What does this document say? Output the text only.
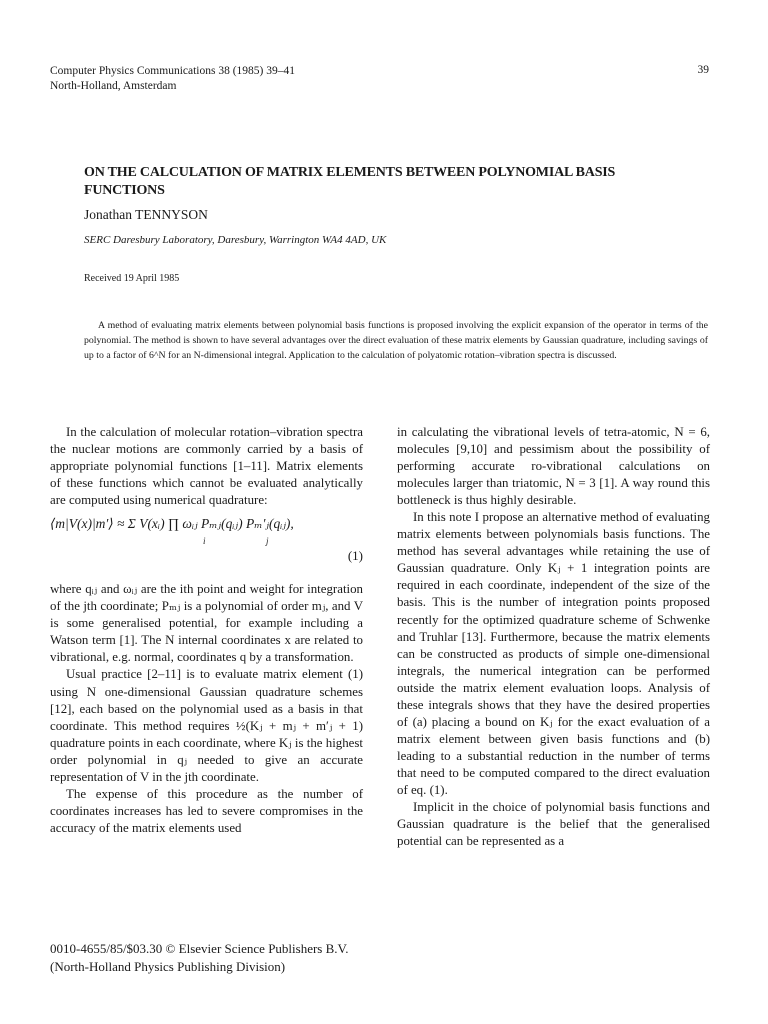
Computer Physics Communications 38 (1985) 39–41
North-Holland, Amsterdam
39
ON THE CALCULATION OF MATRIX ELEMENTS BETWEEN POLYNOMIAL BASIS FUNCTIONS
Jonathan TENNYSON
SERC Daresbury Laboratory, Daresbury, Warrington WA4 4AD, UK
Received 19 April 1985

A method of evaluating matrix elements between polynomial basis functions is proposed involving the explicit expansion of the operator in terms of the polynomial. The method is shown to have several advantages over the direct evaluation of these matrix elements by Gaussian quadrature, including savings of up to a factor of 6^N for an N-dimensional integral. Application to the calculation of polyatomic rotation–vibration spectra is discussed.

In the calculation of molecular rotation–vibration spectra the nuclear motions are commonly carried by a basis of appropriate polynomial functions [1–11]. Matrix elements of these functions which cannot be evaluated analytically are computed using numerical quadrature:

⟨m|V(x)|m′⟩ ≈ Σ V(xᵢ) ∏ ωᵢⱼ Pₘⱼ(qᵢⱼ) Pₘ′ⱼ(qᵢⱼ),
i	j
(1)

where qᵢⱼ and ωᵢⱼ are the ith point and weight for integration of the jth coordinate; Pₘⱼ is a polynomial of order mⱼ, and V is some generalised potential, for example including a Watson term [1]. The N internal coordinates x are related to vibrational, e.g. normal, coordinates q by a transformation.

Usual practice [2–11] is to evaluate matrix element (1) using N one-dimensional Gaussian quadrature schemes [12], each based on the polynomial used as a basis in that coordinate. This method requires ½(Kⱼ + mⱼ + m′ⱼ + 1) quadrature points in each coordinate, where Kⱼ is the highest order polynomial in qⱼ needed to give an accurate representation of V in the jth coordinate.

The expense of this procedure as the number of coordinates increases has led to severe compromises in the accuracy of the matrix elements used

in calculating the vibrational levels of tetra-atomic, N = 6, molecules [9,10] and pessimism about the possibility of performing accurate ro-vibrational calculations on molecules larger than triatomic, N = 3 [1]. A way round this bottleneck is thus highly desirable.

In this note I propose an alternative method of evaluating matrix elements between polynomials basis functions. The method has several advantages while retaining the use of Gaussian quadrature. Only Kⱼ + 1 integration points are required in each coordinate, independent of the size of the basis. This is the number of integration points proposed recently for the optimized quadrature scheme of Schwenke and Truhlar [13]. Furthermore, because the matrix elements can be constructed as products of simple one-dimensional integrals, the numerical integration can be performed outside the matrix element evaluation loops. Analysis of these integrals shows that they have the desired properties of (a) placing a bound on Kⱼ for the exact evaluation of a matrix element between given basis functions and (b) leading to a substantial reduction in the number of terms that need to be computed compared to the direct evaluation of eq. (1).

Implicit in the choice of polynomial basis functions and Gaussian quadrature is the belief that the generalised potential can be represented as a

0010-4655/85/$03.30 © Elsevier Science Publishers B.V.
(North-Holland Physics Publishing Division)
